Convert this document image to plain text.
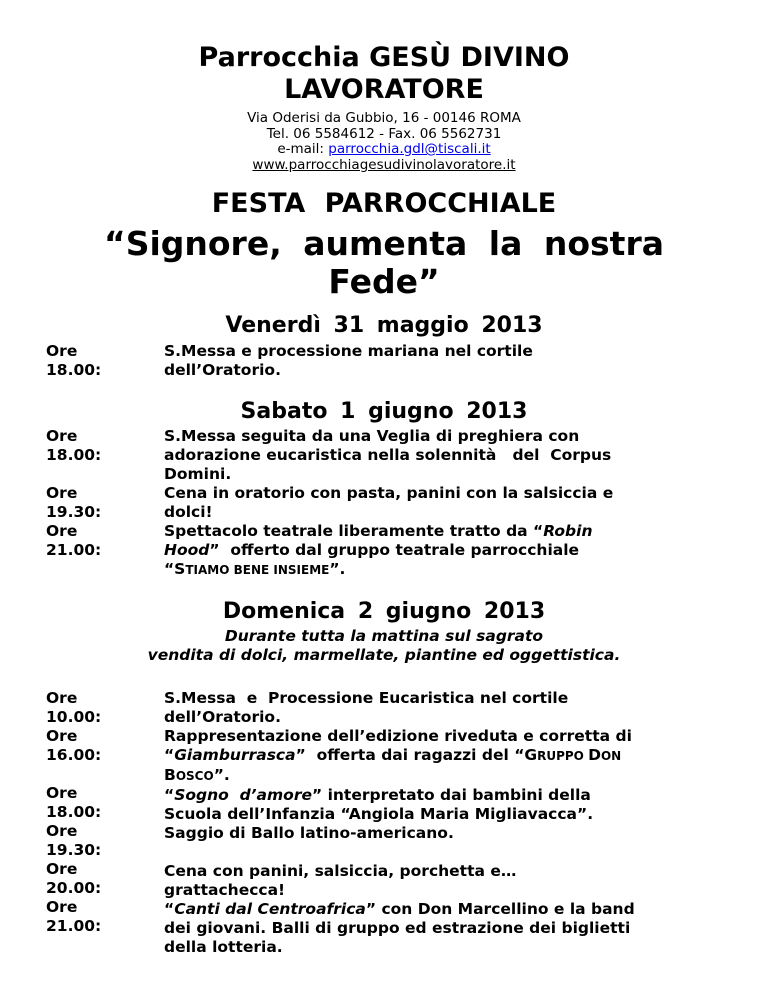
Parrocchia GESÙ DIVINO
LAVORATORE
Via Oderisi da Gubbio, 16 - 00146 ROMA
Tel. 06 5584612 - Fax. 06 5562731
e-mail: parrocchia.gdl@tiscali.it
www.parrocchiagesudivinolavoratore.it
FESTA PARROCCHIALE
“Signore, aumenta la nostra
Fede”
Venerdì 31 maggio 2013
Ore
18.00:
S.Messa e processione mariana nel cortile
dell’Oratorio.
Sabato 1 giugno 2013
Ore
18.00:
Ore
19.30:
Ore
21.00:
S.Messa seguita da una Veglia di preghiera con
adorazione eucaristica nella solennità   del  Corpus
Domini.
Cena in oratorio con pasta, panini con la salsiccia e
dolci!
Spettacolo teatrale liberamente tratto da “Robin
Hood”  offerto dal gruppo teatrale parrocchiale
“STIAMO BENE INSIEME”.
Domenica 2 giugno 2013
Durante tutta la mattina sul sagrato
vendita di dolci, marmellate, piantine ed oggettistica.
Ore
10.00:
Ore
16.00:
Ore
18.00:
Ore
19.30:
Ore
20.00:
Ore
21.00:
S.Messa  e  Processione Eucaristica nel cortile
dell’Oratorio.
Rappresentazione dell’edizione riveduta e corretta di
“Giamburrasca”  offerta dai ragazzi del “GRUPPO DON
BOSCO”.
“Sogno  d’amore” interpretato dai bambini della
Scuola dell’Infanzia “Angiola Maria Migliavacca”.
Saggio di Ballo latino-americano.
Cena con panini, salsiccia, porchetta e…
grattachecca!
“Canti dal Centroafrica” con Don Marcellino e la band
dei giovani. Balli di gruppo ed estrazione dei biglietti
della lotteria.
